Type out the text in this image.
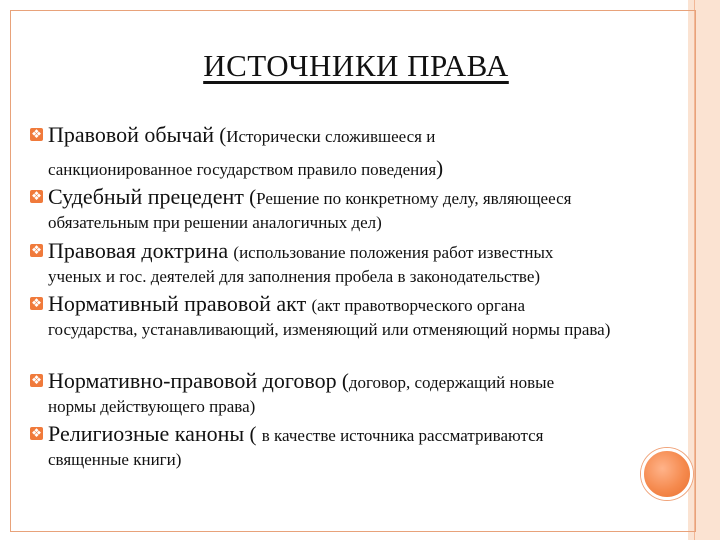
ИСТОЧНИКИ ПРАВА
❖ Правовой обычай (Исторически сложившееся и
санкционированное государством правило поведения)
❖ Судебный прецедент (Решение по конкретному делу, являющееся
обязательным при решении аналогичных дел)
❖ Правовая доктрина (использование положения работ известных
ученых и гос. деятелей для заполнения пробела в законодательстве)
❖ Нормативный правовой акт (акт правотворческого органа
государства, устанавливающий, изменяющий или отменяющий нормы права)
❖ Нормативно-правовой договор (договор, содержащий новые
нормы действующего права)
❖ Религиозные каноны ( в качестве источника рассматриваются
священные книги)
